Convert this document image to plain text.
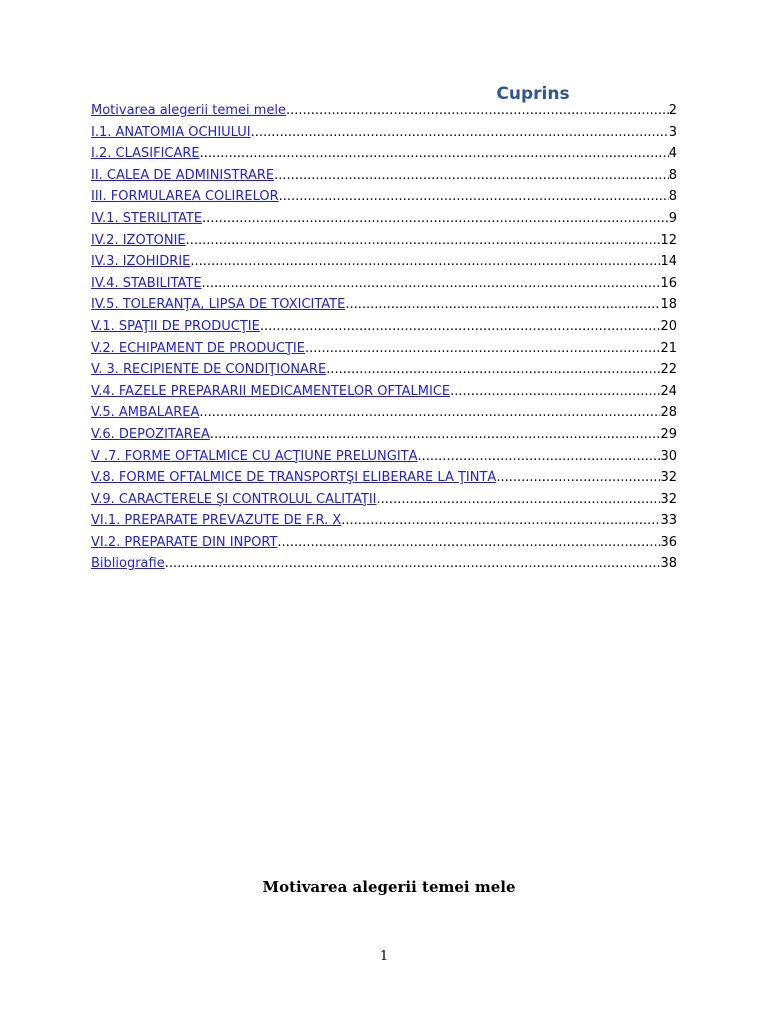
Cuprins
Motivarea alegerii temei mele .....	2
I.1. ANATOMIA OCHIULUI .....	3
I.2. CLASIFICARE .....	4
II. CALEA DE ADMINISTRARE .....	8
III. FORMULAREA COLIRELOR .....	8
IV.1. STERILITATE .....	9
IV.2. IZOTONIE .....	12
IV.3. IZOHIDRIE .....	14
IV.4. STABILITATE .....	16
IV.5. TOLERANŢA, LIPSA DE TOXICITATE .....	18
V.1. SPAŢII DE PRODUCŢIE .....	20
V.2. ECHIPAMENT DE PRODUCŢIE .....	21
V. 3. RECIPIENTE DE CONDIŢIONARE .....	22
V.4. FAZELE PREPARĂRII MEDICAMENTELOR OFTALMICE .....	24
V.5. AMBALAREA .....	28
V.6. DEPOZITAREA .....	29
V .7. FORME OFTALMICE CU ACŢIUNE PRELUNGITĂ .....	30
V.8. FORME OFTALMICE DE TRANSPORTŞI ELIBERARE LA ŢINTĂ .....	32
V.9. CARACTERELE ŞI CONTROLUL CALITĂŢII .....	32
VI.1. PREPARATE PREVĂZUTE DE F.R. X .....	33
VI.2. PREPARATE DIN INPORT .....	36
Bibliografie .....	38
Motivarea alegerii temei mele
1
